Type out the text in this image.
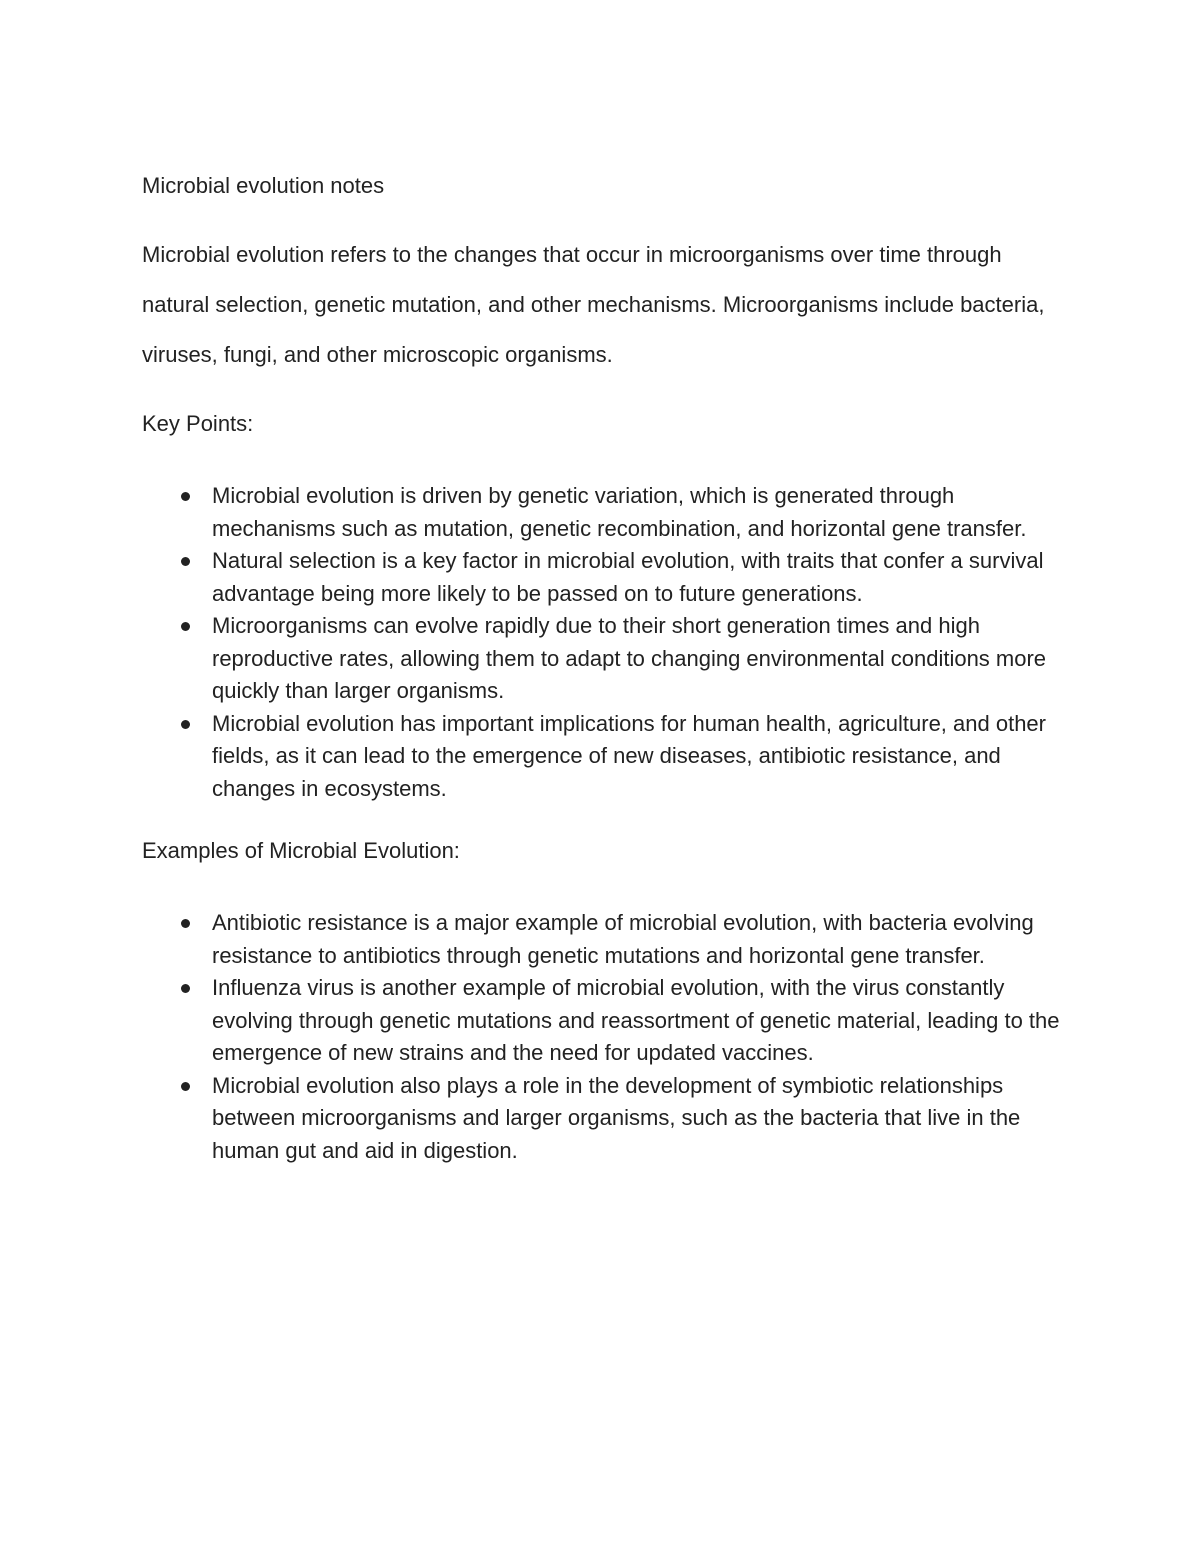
Microbial evolution notes

Microbial evolution refers to the changes that occur in microorganisms over time through natural selection, genetic mutation, and other mechanisms. Microorganisms include bacteria, viruses, fungi, and other microscopic organisms.

Key Points:

Microbial evolution is driven by genetic variation, which is generated through mechanisms such as mutation, genetic recombination, and horizontal gene transfer.
Natural selection is a key factor in microbial evolution, with traits that confer a survival advantage being more likely to be passed on to future generations.
Microorganisms can evolve rapidly due to their short generation times and high reproductive rates, allowing them to adapt to changing environmental conditions more quickly than larger organisms.
Microbial evolution has important implications for human health, agriculture, and other fields, as it can lead to the emergence of new diseases, antibiotic resistance, and changes in ecosystems.

Examples of Microbial Evolution:

Antibiotic resistance is a major example of microbial evolution, with bacteria evolving resistance to antibiotics through genetic mutations and horizontal gene transfer.
Influenza virus is another example of microbial evolution, with the virus constantly evolving through genetic mutations and reassortment of genetic material, leading to the emergence of new strains and the need for updated vaccines.
Microbial evolution also plays a role in the development of symbiotic relationships between microorganisms and larger organisms, such as the bacteria that live in the human gut and aid in digestion.
